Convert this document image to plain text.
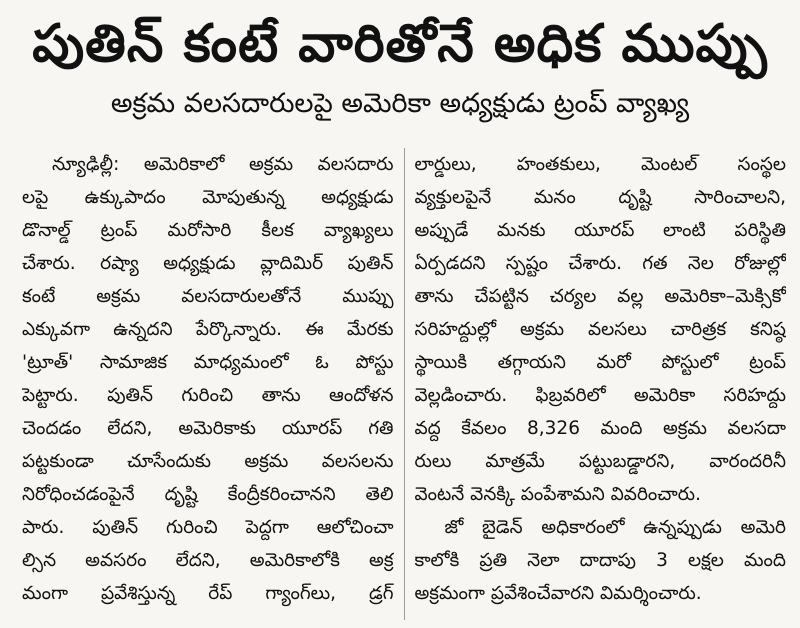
పుతిన్ కంటే వారితోనే అధిక ముప్పు
అక్రమ వలసదారులపై అమెరికా అధ్యక్షుడు ట్రంప్ వ్యాఖ్య
న్యూఢిల్లీ: అమెరికాలో అక్రమ వలసదారు
లపై ఉక్కుపాదం మోపుతున్న అధ్యక్షుడు
డొనాల్డ్ ట్రంప్ మరోసారి కీలక వ్యాఖ్యలు
చేశారు. రష్యా అధ్యక్షుడు వ్లాదిమిర్ పుతిన్
కంటే అక్రమ వలసదారులతోనే ముప్పు
ఎక్కువగా ఉన్నదని పేర్కొన్నారు. ఈ మేరకు
'ట్రూత్' సామాజిక మాధ్యమంలో ఓ పోస్టు
పెట్టారు. పుతిన్ గురించి తాను ఆందోళన
చెందడం లేదని, అమెరికాకు యూరప్ గతి
పట్టకుండా చూసేందుకు అక్రమ వలసలను
నిరోధించడంపైనే దృష్టి కేంద్రీకరించానని తెలి
పారు. పుతిన్ గురించి పెద్దగా ఆలోచించా
ల్సిన అవసరం లేదని, అమెరికాలోకి అక్ర
మంగా ప్రవేశిస్తున్న రేప్ గ్యాంగ్‌లు, డ్రగ్
లార్డులు, హంతకులు, మెంటల్ సంస్థల
వ్యక్తులపైనే మనం దృష్టి సారించాలని,
అప్పుడే మనకు యూరప్ లాంటి పరిస్థితి
ఏర్పడదని స్పష్టం చేశారు. గత నెల రోజుల్లో
తాను చేపట్టిన చర్యల వల్ల అమెరికా–మెక్సికో
సరిహద్దుల్లో అక్రమ వలసలు చారిత్రక కనిష్ఠ
స్థాయికి తగ్గాయని మరో పోస్టులో ట్రంప్
వెల్లడించారు. ఫిబ్రవరిలో అమెరికా సరిహద్దు
వద్ద కేవలం 8,326 మంది అక్రమ వలసదా
రులు మాత్రమే పట్టుబడ్డారని, వారందరినీ
వెంటనే వెనక్కి పంపేశామని వివరించారు.
జో బైడెన్ అధికారంలో ఉన్నప్పుడు అమెరి
కాలోకి ప్రతి నెలా దాదాపు 3 లక్షల మంది
అక్రమంగా ప్రవేశించేవారని విమర్శించారు.
